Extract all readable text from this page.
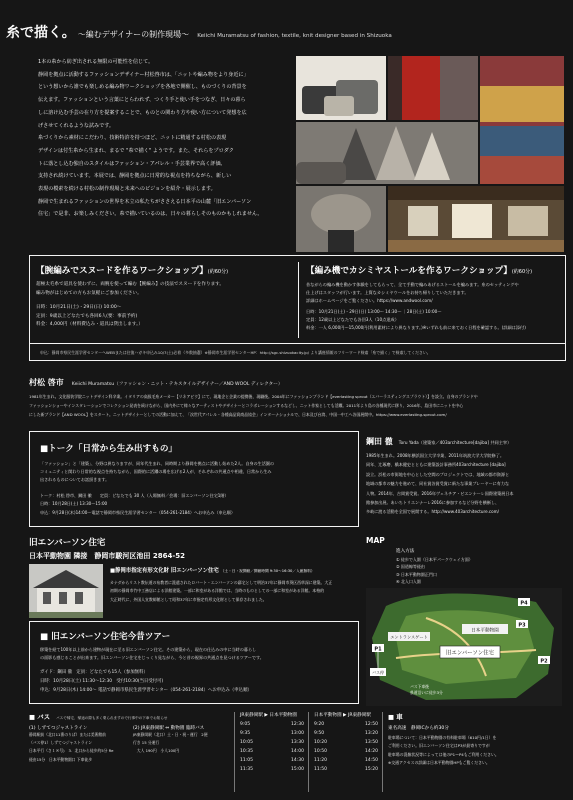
糸で描く。 ～編むデザイナーの制作現場～ Keiichi Muramatsu of fashion, textile, knit designer based in Shizuoka

1本の糸から紡ぎ出される無限の可能性を信じて。

静岡を拠点に活動するファッションデザイナー村松啓市は、「ニットや編み物をより身近に」

という想いから誰でも楽しめる編み物ワークショップを各地で開催し、ものづくりの背景を

伝えます。ファッションという言葉にとらわれず、つくり手と使い手をつなぎ、日々の暮ら

しに溶け込む手芸の在り方を提案することで、ものとの関わり方や使い方について発想を広

げさせてくれるような試みです。

糸づくりから素材にこだわり、技術特許を持つほど、ニットに精通する村松の表現

デザインは付生糸から生まれ、まるで "糸で描く" ようです。また、それらをプロダク

トに落とし込む独自のスタイルはファッション・アパレル・手芸業界で高く評価、

支持され続けています。本展では、静岡を拠点に日常的な視点を持ちながら、新しい

表現の模索を続ける村松の制作現場と未来へのビジョンを紹介・展示します。

静岡で生まれるファッションの世界を木立の私たちがささえる日本平の山麓「旧エンバーソン

住宅」で是非、お楽しみください。糸で描いているのは、日々の暮らしそのものかもしれません。

【腕編みでスヌードを作るワークショップ】(約60分)
超極太毛糸で道具を使わずに、両腕を使って編む【腕編み】の技法でスヌードを作ります。
編み物がはじめての方もお気軽にご参加ください。
日時：10月21日(土)・29日(日) 10:00～
定員：9歳以上どなたでも各回6人(要：事前予約)
料金：4,000円（材料費込み・道具は貸出します。）
【編み機でカシミヤストールを作るワークショップ】(約60分)
昔ながらの編み機を動かす体験をしてもらって、全て手動で編みあげるストールを編みます。糸のセッティングや
仕上げはスタッフが行います。上質なカシミヤウールをお持ち帰りしていただきます。
詳細はホームページをご覧ください。https://www.andwool.com/
日時：10月21日(土)・29日(日) 13:00～ 14:30～ ｜28日(土) 10:00～
定員：12歳以上どなたでも各回3人（10点達成）
料金：一人 6,000円～15,000円(利用素材により異なります。)※いずれも前に来ておく日程を確認する。(詳細は添付)
申込：静岡市県民生涯学習センターへWEBまたは往復ハガキ申込み10/7(土)必着（多数抽選）※静岡市生涯学習センターHP：http://sgc.shizuokacity.jp/ より講座情報のフリーワード検索「糸で描く」で検索してください。
村松 啓市 Keiichi Muramatsu（ファッション・ニット・テキスタイルデザイナー／AND WOOL ディレクター）
1981年生まれ。文化服装学院ニットデザイン科卒業。イタリアの高級毛糸メーカー【リネアピウ】にて、現地企と企業の提携後、現職後。2004年にファッションブランド【everlasting sprout（エバーラスティングスプラウト）】を設立。自身のブランドや
ファッションショーやインスタレーションでコレクション発表を続けながら、国内外にて様々なアーティストやデザイナーとコラボレーションするなどし、ニット作家としても活躍。2011年より島の各種現代に移り、2016年、島田市にニットを中心
にした新ブランド【AND WOOL】をスタート。ニットデザイナーとしての活動に加えて、「次世代アパレル・各種高品質商品協会」インターナショナルで、日本及び台湾、中国一中工へ各国展開中。https://www.everlasting-sprout.com/
■トーク「日常から生み出すもの」
「ファッション」と「建築」、分野は異なりますが、同年代生まれ、同時期より静岡を拠点に活動し始めた2人。自身の生活圏の
コミュニティと関わり日常的な視点を持ちながら、国際的に活躍の場を広げる2人が、それぞれの共通点や相違、日常から生み
出されるものについてお話頂きます。
トーク：村松 啓市、鋼田 徹　　定員：どなたでも 30 人（入場無料／会場：旧エンバーソン住宅1階）
日時：10月28日(土) 13:30～15:00
申込：9月28日(木)14:00～電話で静岡市県民生涯学習センター（054-261-2184）へお申込み（申込順）
鋼田 徹 Toru Yada（建築家／403architecture[dajiba] 共同主宰）
1985年生まれ。2008年横浜国立大学卒業、2011年筑波大学大学院修了。
同年、辻琢磨、橋本健史とともに建築設計事務所403architecture [dajiba]
設立。浜松の市街地を中心とした空間のプロジェクトでは、地域の都市資源と
地域の都市の魅力を進めて、同社賞各賞受賞に新たな事業プレーヤーに有力な
人物。2014年、吉岡賞受賞。2016年ヴェネチア・ビエンナーレ国際建築展日本
館参加出展。あいちトリエンナーレ2016に参加するなど分野を横断し、
多岐に渡る活動を全国で展開する。http://www.403architecture.com/
旧エンバーソン住宅
日本平動物園 隣接　静岡市駿河区池田 2864-52
■静岡市指定有形文化財 旧エンバーソン住宅 （土・日・祝開館／開館時間 9:30～16:30／入館無料）
カナダからリスト教伝道の布教者に派遣されたロバート・エンバーソンの邸宅として明治37年に静岡市葵区西草深に建築。大正
初期の静岡市竹中工務店による洋館建築。一部に和室がある洋館では、当時のものとしての一部に和室がある洋館。本格的
大正時代に、外国人宣教師館として昭和37年に市指定有形文化財として保存されました。
■ 旧エンバーソン住宅今昔ツアー
移築を経て100年以上前から建物が現在に至る旧エンバーソン住宅。その建築から、現在の仕込みの中に当時の暮らし
の面影も感じることが出来ます。旧エンバーソン住宅をじっくり見ながら、今と昔の視界の共通点を見つけるツアーです。
ガイド：鋼田 徹　定員：どなたでも15人（参加無料）
日時：10月28日(土) 11:30～12:30　受付10:30(当日受付可)
申込：9月28日(木) 14:00～ 電話で静岡市県民生涯学習センター（054-261-2184）へお申込み（申込順）
MAP
進入方法
① 徒歩で入園（日本平パークウェイ方面）
② 国道線等経由
③ 日本平動物園正門口
④ 北入口入園
日本平動物園
エントランスゲート
旧エンバーソン住宅
P4
P3
P1
P2
バス停
バス下車後
県道沿いに徒歩3分
■ バス バスで帰宅、帰途の際も多く乗られますので行事中の下車でお知らせ
(1) しずてつジャストライン
静岡駅前（北口11番のりば）または美術館前
（バス停1）しずてつジャストライン
日本平行（さ１８号)　3．北口から徒歩約5分 Re
経由15分　日本平動物園口 下車徒歩
(2) JR東静岡駅 ⇔ 動物園 臨時バス
JR東静岡駅（北口）土・日・祝・運行　2便
行き 15 分運行
　大人 190円　小人100円
JR東静岡駅 ▶ 日本平動物園
9:05	12:30
9:35	13:00
10:05	13:30
10:35	14:00
11:05	14:30
11:35	15:00
日本平動物園 ▶ JR東静岡駅
9:20	12:50
9:50	13:20
10:20	13:50
10:50	14:20
11:20	14:50
11:50	15:20
■ 車
東名高速　静岡ICから約30分
駐車場について：日本平動物園の有料駐車場（610円/1日）を
ご利用ください。旧エンバーソン住宅はP3が最寄りですが
駐車場の混雑状況等によっては他のP1〜P4もご利用ください。
※交通アクセスの詳細は日本平動物園HPもご覧ください。
